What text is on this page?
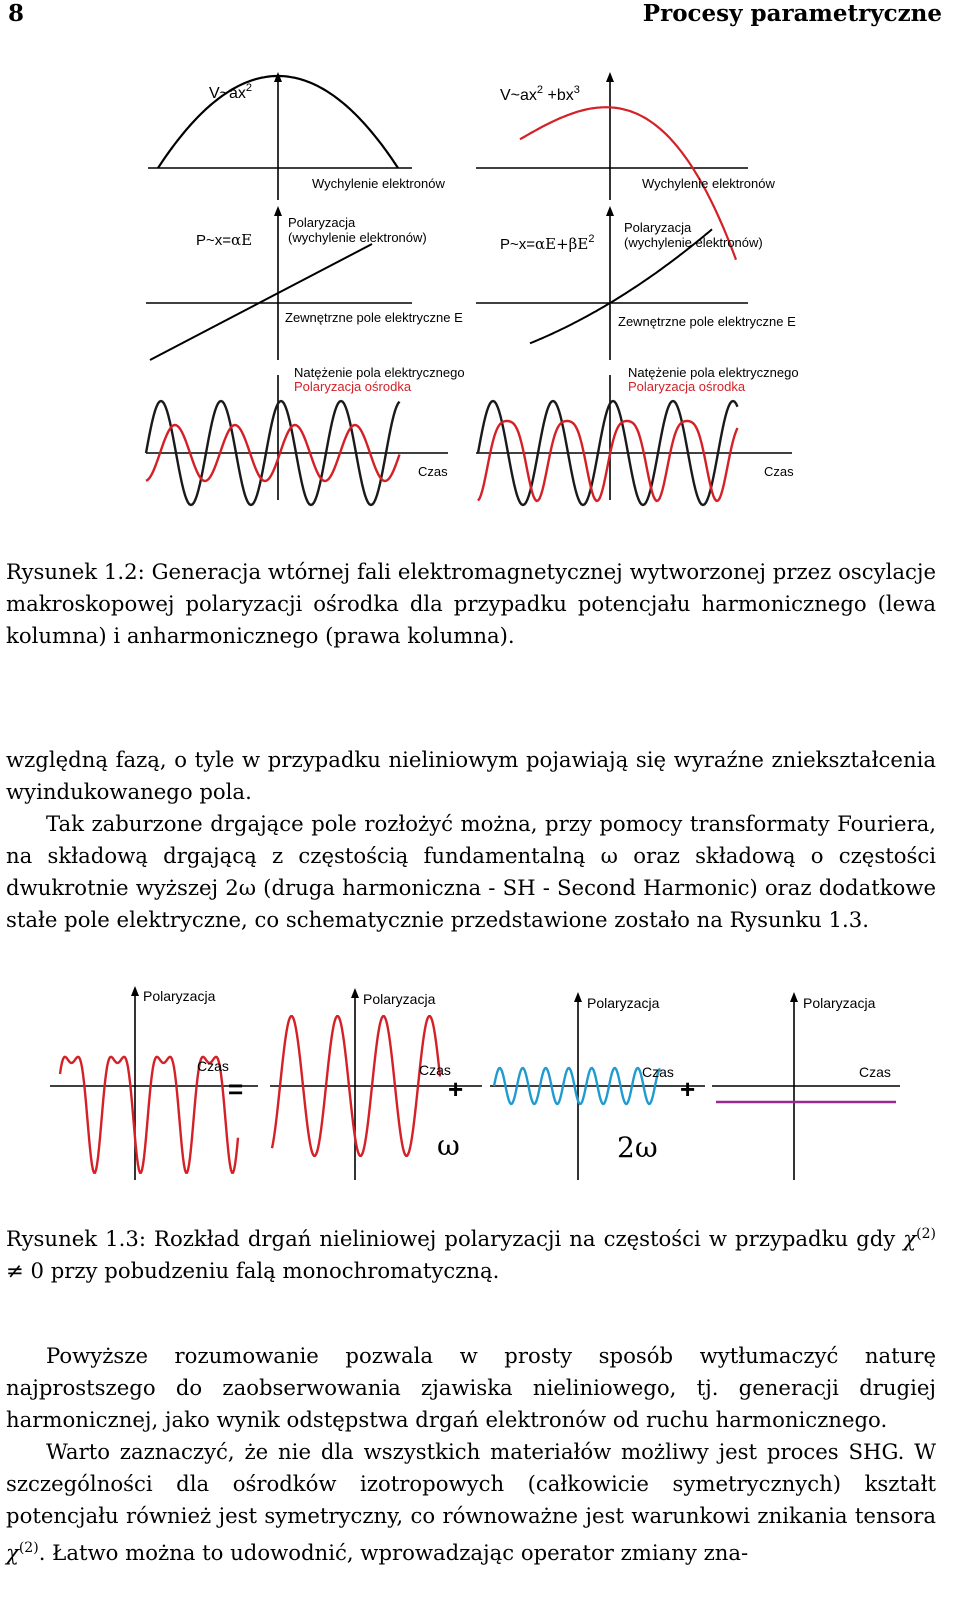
8	Procesy parametryczne
$V\sim ax^2$
Wychylenie elektronów
P~x=αE
Polaryzacja
(wychylenie elektronów)
Zewnętrzne pole elektryczne E
Natężenie pola elektrycznego
Polaryzacja ośrodka
Czas
$V\sim ax^2 +bx^3$
Wychylenie elektronów
$P\sim x=\alpha E+\beta E^2$
Polaryzacja
(wychylenie elektronów)
Zewnętrzne pole elektryczne E
Natężenie pola elektrycznego
Polaryzacja ośrodka
Czas

Rysunek 1.2: Generacja wtórnej fali elektromagnetycznej wytworzonej przez oscylacje makroskopowej polaryzacji ośrodka dla przypadku potencjału harmonicznego (lewa kolumna) i anharmonicznego (prawa kolumna).

względną fazą, o tyle w przypadku nieliniowym pojawiają się wyraźne zniekształcenia wyindukowanego pola.

Tak zaburzone drgające pole rozłożyć można, przy pomocy transformaty Fouriera, na składową drgającą z częstością fundamentalną ω oraz składową o częstości dwukrotnie wyższej 2ω (druga harmoniczna - SH - Second Harmonic) oraz dodatkowe stałe pole elektryczne, co schematycznie przedstawione zostało na Rysunku 1.3.

Polaryzacja
Czas
=
Polaryzacja
Czas
+
ω
Polaryzacja
Czas
+
2ω
Polaryzacja
Czas

Rysunek 1.3: Rozkład drgań nieliniowej polaryzacji na częstości w przypadku gdy $\chi^{(2)} \ne 0$ przy pobudzeniu falą monochromatyczną.

Powyższe rozumowanie pozwala w prosty sposób wytłumaczyć naturę najprostszego do zaobserwowania zjawiska nieliniowego, tj. generacji drugiej harmonicznej, jako wynik odstępstwa drgań elektronów od ruchu harmonicznego.

Warto zaznaczyć, że nie dla wszystkich materiałów możliwy jest proces SHG. W szczególności dla ośrodków izotropowych (całkowicie symetrycznych) kształt potencjału również jest symetryczny, co równoważne jest warunkowi znikania tensora $\chi^{(2)}$. Łatwo można to udowodnić, wprowadzając operator zmiany zna-
